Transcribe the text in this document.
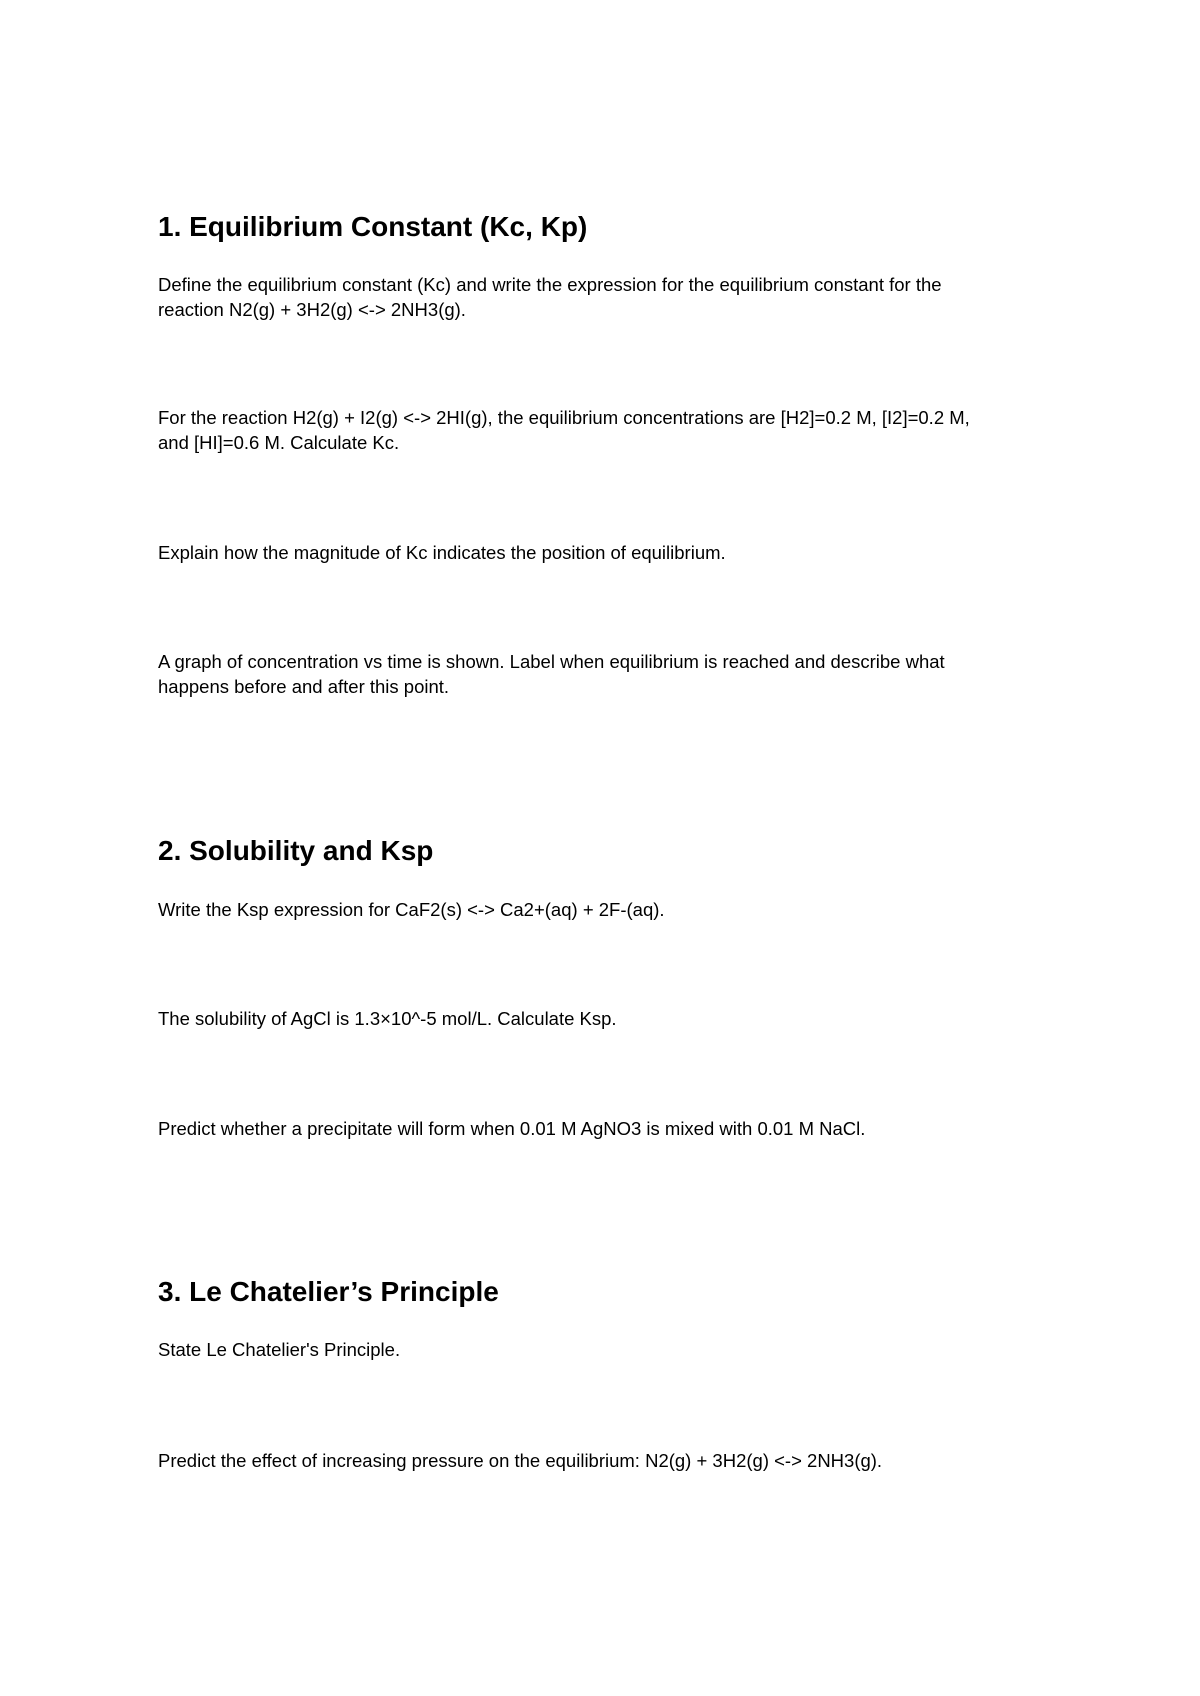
1. Equilibrium Constant (Kc, Kp)

Define the equilibrium constant (Kc) and write the expression for the equilibrium constant for the
reaction N2(g) + 3H2(g) <-> 2NH3(g).

For the reaction H2(g) + I2(g) <-> 2HI(g), the equilibrium concentrations are [H2]=0.2 M, [I2]=0.2 M,
and [HI]=0.6 M. Calculate Kc.

Explain how the magnitude of Kc indicates the position of equilibrium.

A graph of concentration vs time is shown. Label when equilibrium is reached and describe what
happens before and after this point.

2. Solubility and Ksp

Write the Ksp expression for CaF2(s) <-> Ca2+(aq) + 2F-(aq).

The solubility of AgCl is 1.3×10^-5 mol/L. Calculate Ksp.

Predict whether a precipitate will form when 0.01 M AgNO3 is mixed with 0.01 M NaCl.

3. Le Chatelier’s Principle

State Le Chatelier's Principle.

Predict the effect of increasing pressure on the equilibrium: N2(g) + 3H2(g) <-> 2NH3(g).
